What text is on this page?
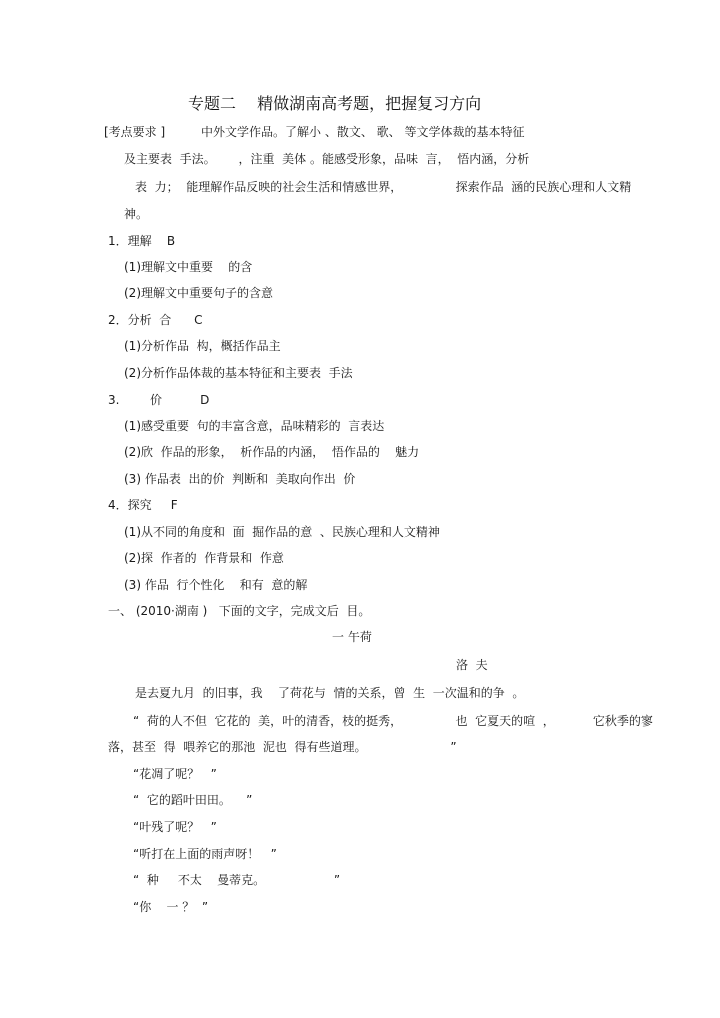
专题二　 精做湖南高考题，把握复习方向
[考点要求 ]	中外文学作品。了解小 、散文、 歌、 等文学体裁的基本特征
及主要表  手法。      ，注重  美体 。能感受形象，品味  言，  悟内涵，分析
表  力；  能理解作品反映的社会生活和情感世界，              探索作品  涵的民族心理和人文精
神。
1．理解    B
(1)理解文中重要    的含
(2)理解文中重要句子的含意
2．分析  合      C
(1)分析作品  构，概括作品主
(2)分析作品体裁的基本特征和主要表  手法
3.        价          D
(1)感受重要  句的丰富含意，品味精彩的  言表达
(2)欣  作品的形象，  析作品的内涵，  悟作品的    魅力
(3) 作品表  出的价  判断和  美取向作出  价
4．探究     F
(1)从不同的角度和  面  掘作品的意  、民族心理和人文精神
(2)探  作者的  作背景和  作意
(3) 作品  行个性化    和有  意的解
一、 (2010·湖南 )   下面的文字，完成文后  目。
一 午荷
洛  夫
是去夏九月  的旧事，我    了荷花与  情的关系，曾  生  一次温和的争  。
“  荷的人不但  它花的  美，叶的清香，枝的挺秀，              也  它夏天的喧  ，          它秋季的寥
落，甚至  得  喂养它的那池  泥也  得有些道理。                      ”
“花凋了呢？   ”
“  它的蹈叶田田。    ”
“叶残了呢？   ”
“听打在上面的雨声呀！   ”
“  种     不太    曼蒂克。                  ”
“你    一 ？  ”
